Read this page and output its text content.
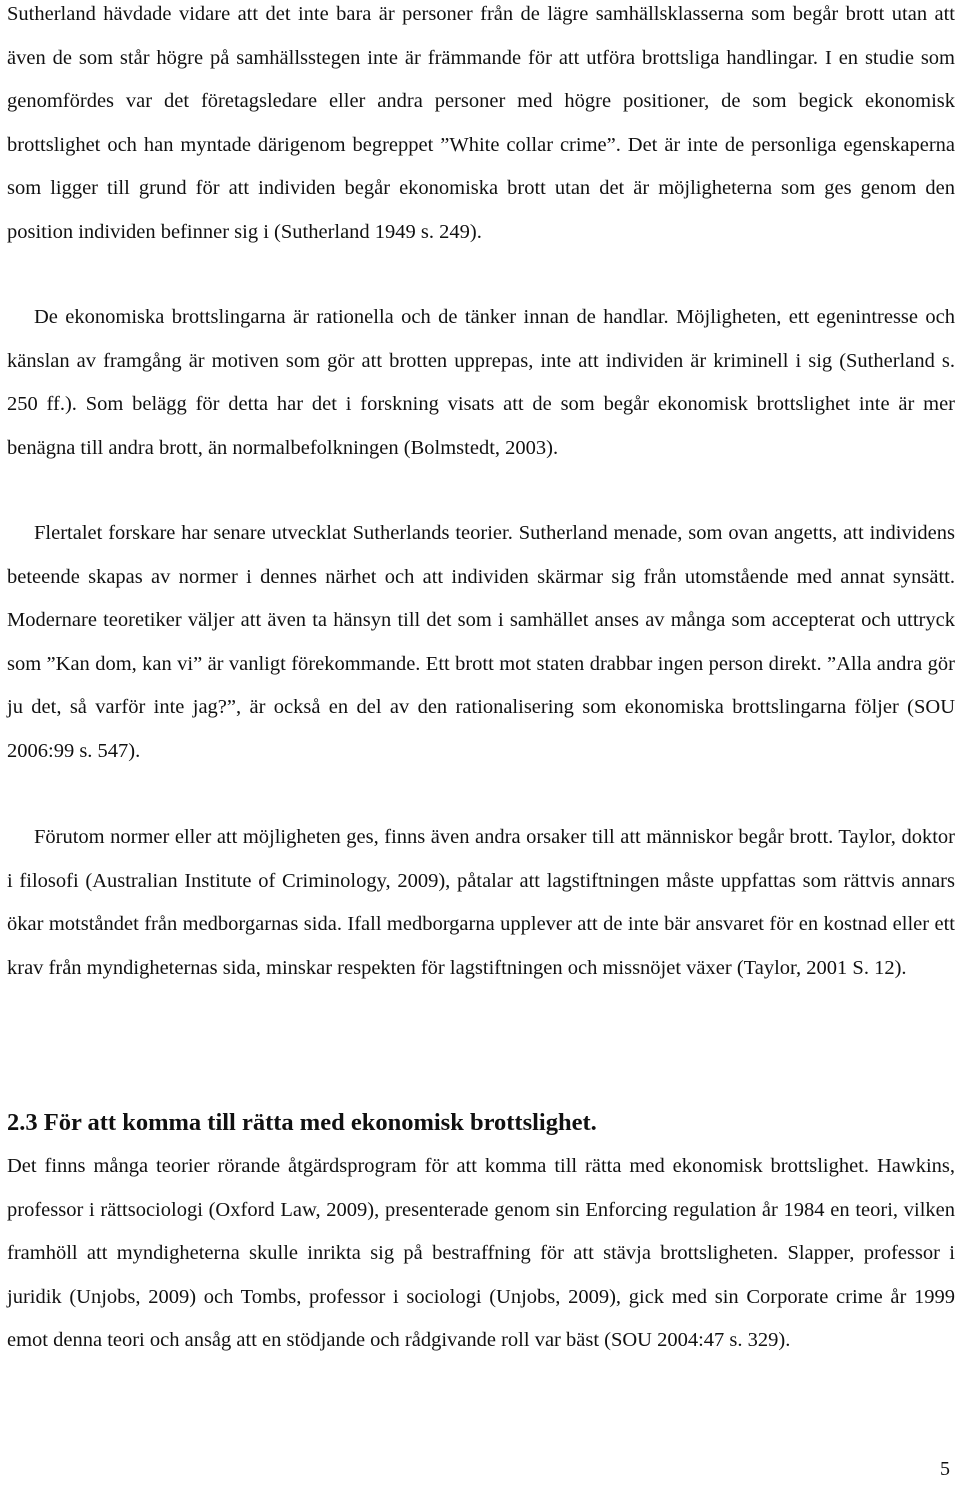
Sutherland hävdade vidare att det inte bara är personer från de lägre samhällsklasserna som begår brott utan att även de som står högre på samhällsstegen inte är främmande för att utföra brottsliga handlingar. I en studie som genomfördes var det företagsledare eller andra personer med högre positioner, de som begick ekonomisk brottslighet och han myntade därigenom begreppet ”White collar crime”. Det är inte de personliga egenskaperna som ligger till grund för att individen begår ekonomiska brott utan det är möjligheterna som ges genom den position individen befinner sig i (Sutherland 1949 s. 249).

De ekonomiska brottslingarna är rationella och de tänker innan de handlar. Möjligheten, ett egenintresse och känslan av framgång är motiven som gör att brotten upprepas, inte att individen är kriminell i sig (Sutherland s. 250 ff.). Som belägg för detta har det i forskning visats att de som begår ekonomisk brottslighet inte är mer benägna till andra brott, än normalbefolkningen (Bolmstedt, 2003).

Flertalet forskare har senare utvecklat Sutherlands teorier. Sutherland menade, som ovan angetts, att individens beteende skapas av normer i dennes närhet och att individen skärmar sig från utomstående med annat synsätt. Modernare teoretiker väljer att även ta hänsyn till det som i samhället anses av många som accepterat och uttryck som ”Kan dom, kan vi” är vanligt förekommande. Ett brott mot staten drabbar ingen person direkt. ”Alla andra gör ju det, så varför inte jag?”, är också en del av den rationalisering som ekonomiska brottslingarna följer (SOU 2006:99 s. 547).

Förutom normer eller att möjligheten ges, finns även andra orsaker till att människor begår brott. Taylor, doktor i filosofi (Australian Institute of Criminology, 2009), påtalar att lagstiftningen måste uppfattas som rättvis annars ökar motståndet från medborgarnas sida. Ifall medborgarna upplever att de inte bär ansvaret för en kostnad eller ett krav från myndigheternas sida, minskar respekten för lagstiftningen och missnöjet växer (Taylor, 2001 S. 12).

2.3 För att komma till rätta med ekonomisk brottslighet.

Det finns många teorier rörande åtgärdsprogram för att komma till rätta med ekonomisk brottslighet. Hawkins, professor i rättsociologi (Oxford Law, 2009), presenterade genom sin Enforcing regulation år 1984 en teori, vilken framhöll att myndigheterna skulle inrikta sig på bestraffning för att stävja brottsligheten. Slapper, professor i juridik (Unjobs, 2009) och Tombs, professor i sociologi (Unjobs, 2009), gick med sin Corporate crime år 1999 emot denna teori och ansåg att en stödjande och rådgivande roll var bäst (SOU 2004:47 s. 329).

5
